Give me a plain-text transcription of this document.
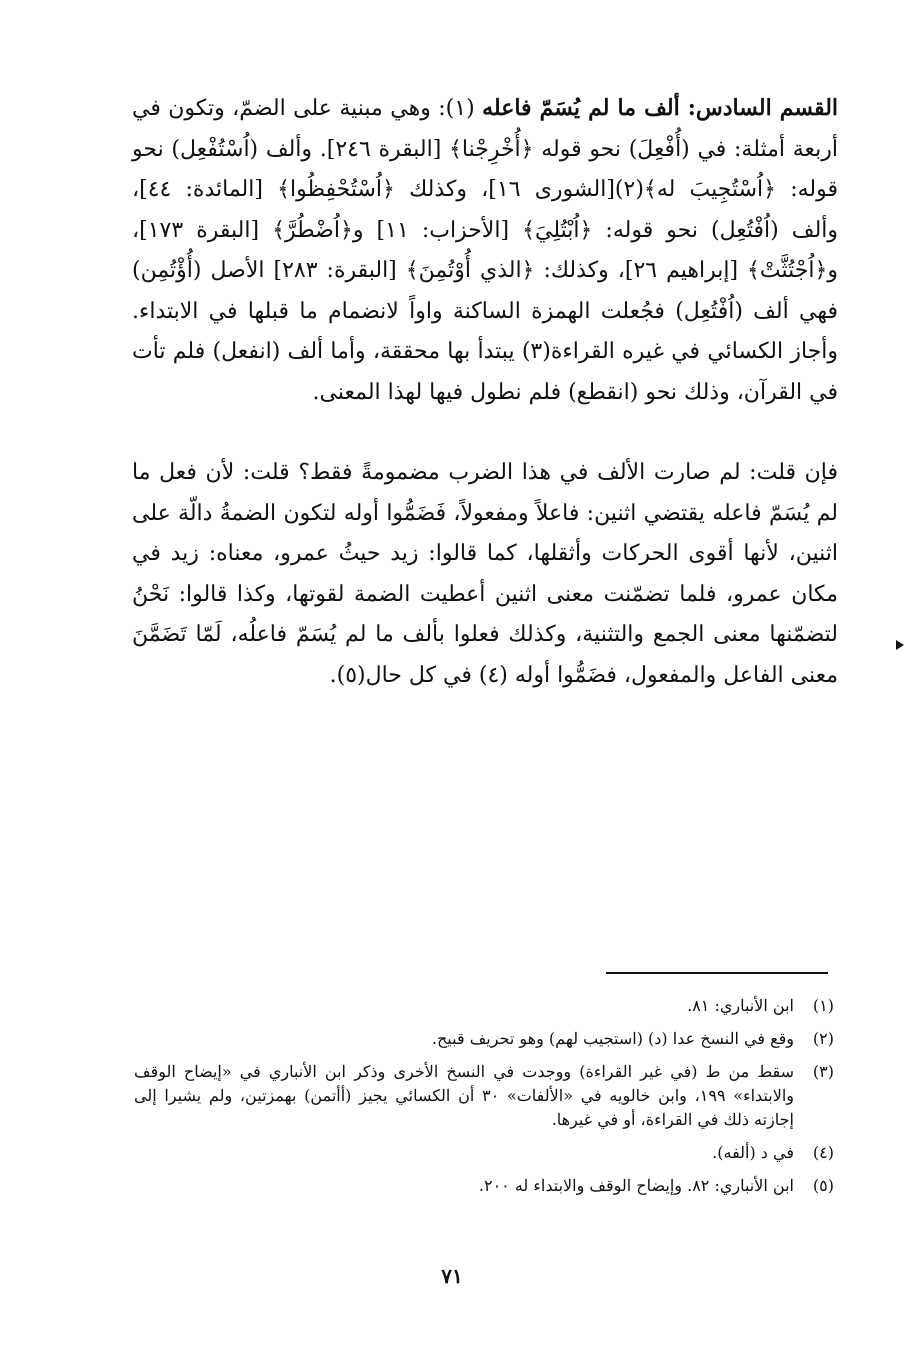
القسم السادس: ألف ما لم يُسَمّ فاعله (١): وهي مبنية على الضمّ، وتكون في أربعة أمثلة: في (أُفْعِلَ) نحو قوله ﴿أُخْرِجْنا﴾ [البقرة ٢٤٦]. وألف (اُسْتُفْعِل) نحو قوله: ﴿اُسْتُجِيبَ له﴾(٢)[الشورى ١٦]، وكذلك ﴿اُسْتُحْفِظُوا﴾ [المائدة: ٤٤]، وألف (اُفْتُعِل) نحو قوله: ﴿اُبْتُلِيَ﴾ [الأحزاب: ١١] و﴿اُضْطُرَّ﴾ [البقرة ١٧٣]، و﴿اُجْتُثَّتْ﴾ [إبراهيم ٢٦]، وكذلك: ﴿الذي أُوْتُمِنَ﴾ [البقرة: ٢٨٣] الأصل (أُؤْتُمِن) فهي ألف (اُفْتُعِل) فجُعلت الهمزة الساكنة واواً لانضمام ما قبلها في الابتداء. وأجاز الكسائي في غيره القراءة(٣) يبتدأ بها محققة، وأما ألف (انفعل) فلم تأت في القرآن، وذلك نحو (انقطع) فلم نطول فيها لهذا المعنى.

فإن قلت: لم صارت الألف في هذا الضرب مضمومةً فقط؟ قلت: لأن فعل ما لم يُسَمّ فاعله يقتضي اثنين: فاعلاً ومفعولاً، فَضَمُّوا أوله لتكون الضمةُ دالّة على اثنين، لأنها أقوى الحركات وأثقلها، كما قالوا: زيد حيثُ عمرو، معناه: زيد في مكان عمرو، فلما تضمّنت معنى اثنين أعطيت الضمة لقوتها، وكذا قالوا: نَحْنُ لتضمّنها معنى الجمع والتثنية، وكذلك فعلوا بألف ما لم يُسَمّ فاعلُه، لَمّا تَضَمَّنَ معنى الفاعل والمفعول، فضَمُّوا أوله (٤) في كل حال(٥).

(١)
ابن الأنباري: ٨١.
(٢)
وقع في النسخ عدا (د) (استجيب لهم) وهو تحريف قبيح.
(٣)
سقط من ط (في غير القراءة) ووجدت في النسخ الأخرى وذكر ابن الأنباري في «إيضاح الوقف والابتداء» ١٩٩، وابن خالويه في «الألفات» ٣٠ أن الكسائي يجيز (أأتمن) بهمزتين، ولم يشيرا إلى إجازته ذلك في القراءة، أو في غيرها.
(٤)
في د (ألفه).
(٥)
ابن الأنباري: ٨٢. وإيضاح الوقف والابتداء له ٢٠٠.
٧١
